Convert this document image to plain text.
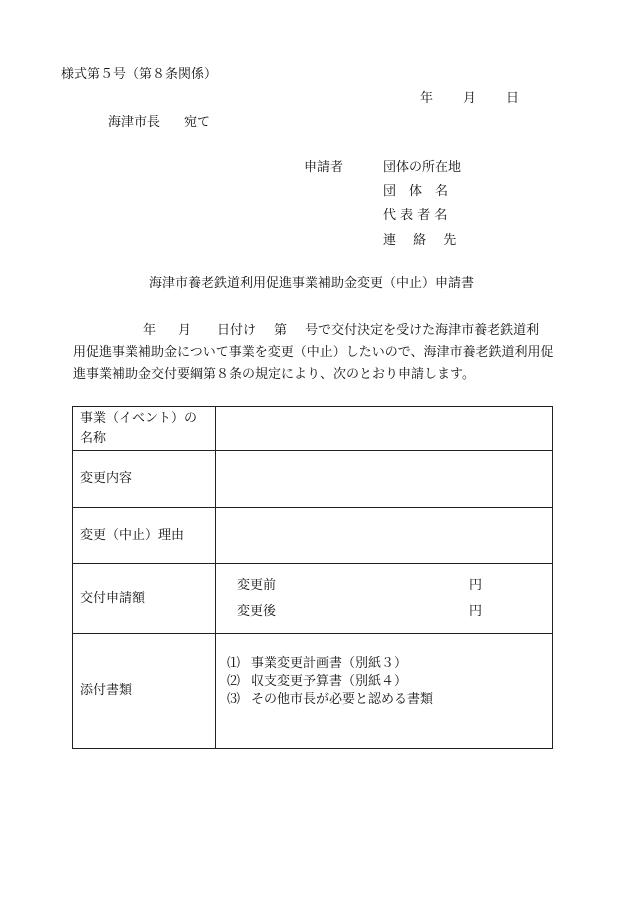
様式第５号（第８条関係）
年 月 日
海津市長 宛て
申請者	団体の所在地
団　体　名
代 表 者 名
連　 絡　 先
海津市養老鉄道利用促進事業補助金変更（中止）申請書
年 月 日付け 第 号で交付決定を受けた海津市養老鉄道利
用促進事業補助金について事業を変更（中止）したいので、海津市養老鉄道利用促
進事業補助金交付要綱第８条の規定により、次のとおり申請します。
事業（イベント）の名称	
変更内容	
変更（中止）理由	
交付申請額	変更前 円
変更後 円

添付書類	⑴ 事業変更計画書（別紙３）
⑵ 収支変更予算書（別紙４）
⑶ その他市長が必要と認める書類
